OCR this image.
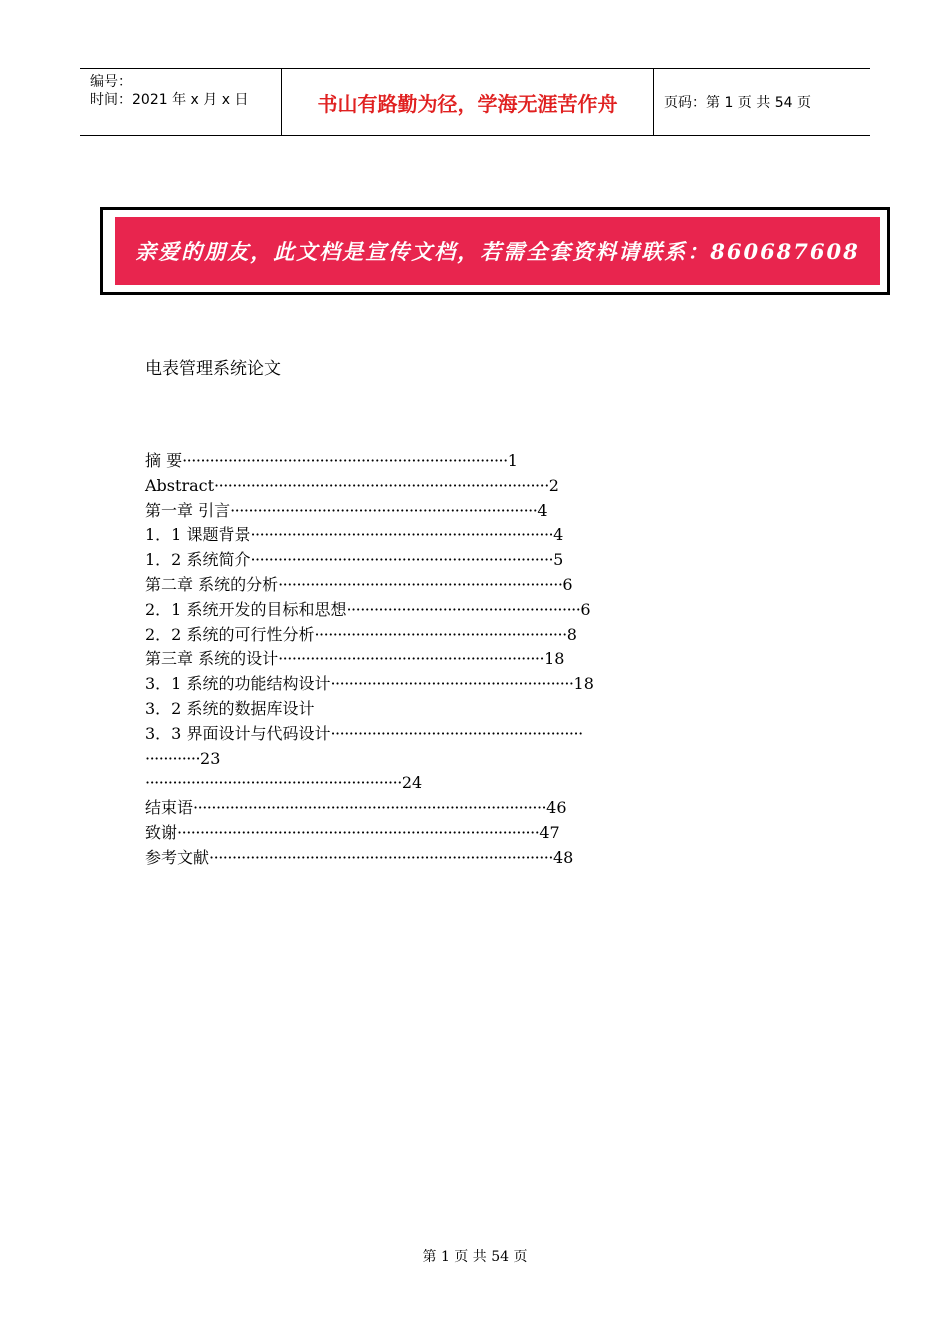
编号：
时间：2021 年 x 月 x 日	书山有路勤为径，学海无涯苦作舟	页码：第 1 页 共 54 页
亲爱的朋友，此文档是宣传文档，若需全套资料请联系：860687608
电表管理系统论文
摘 要·······································································1
Abstract·········································································2
第一章 引言···································································4
1．1 课题背景··································································4
1．2 系统简介··································································5
第二章 系统的分析······························································6
2．1 系统开发的目标和思想···················································6
2．2 系统的可行性分析·······················································8
第三章 系统的设计··························································18
3．1 系统的功能结构设计·····················································18
3．2 系统的数据库设计
3．3 界面设计与代码设计·······················································
············23
························································24
结束语·············································································46
致谢···············································································47
参考文献···········································································48
第 1 页 共 54 页
